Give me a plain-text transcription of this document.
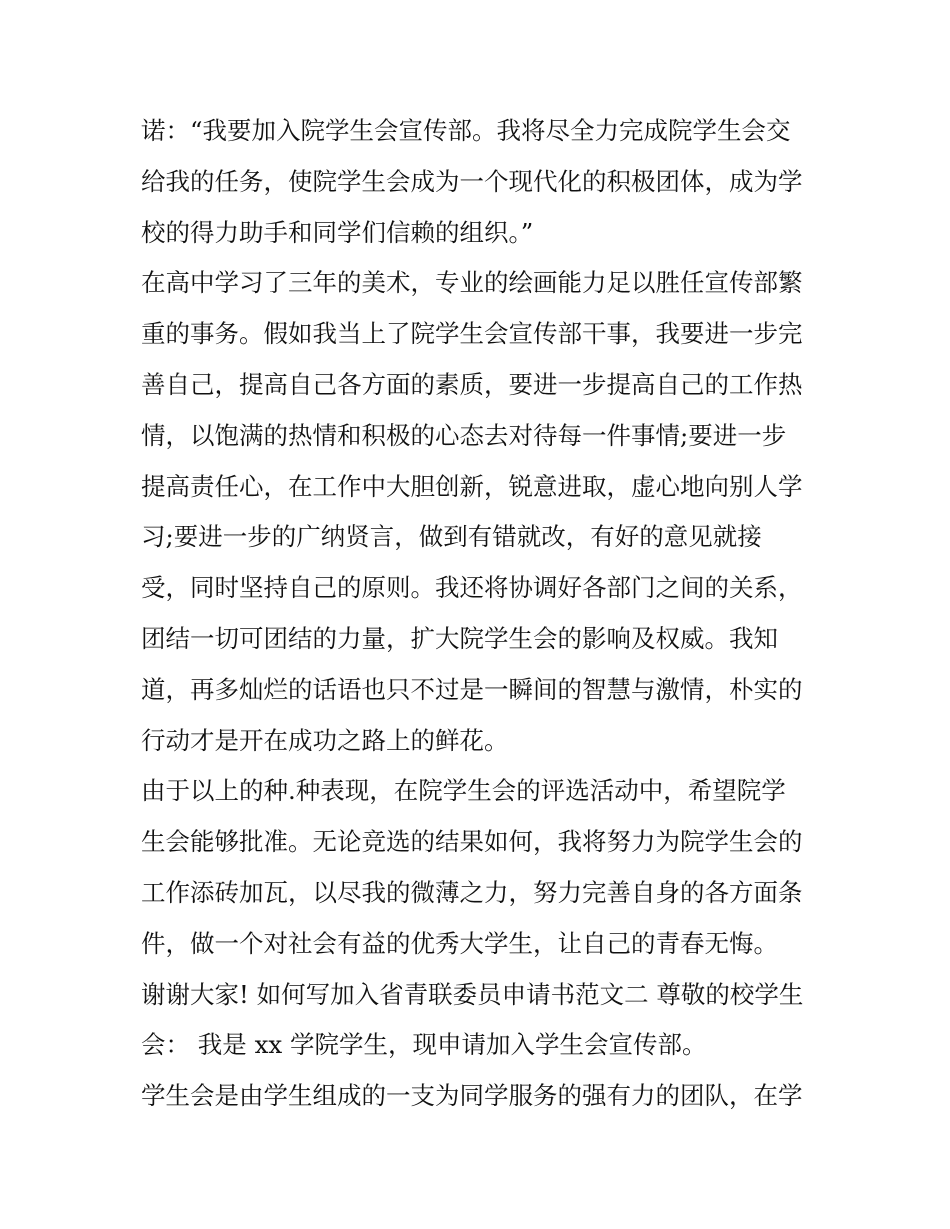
诺：“我要加入院学生会宣传部。我将尽全力完成院学生会交
给我的任务，使院学生会成为一个现代化的积极团体，成为学
校的得力助手和同学们信赖的组织。”
在高中学习了三年的美术，专业的绘画能力足以胜任宣传部繁
重的事务。假如我当上了院学生会宣传部干事，我要进一步完
善自己，提高自己各方面的素质，要进一步提高自己的工作热
情，以饱满的热情和积极的心态去对待每一件事情;要进一步
提高责任心，在工作中大胆创新，锐意进取，虚心地向别人学
习;要进一步的广纳贤言，做到有错就改，有好的意见就接
受，同时坚持自己的原则。我还将协调好各部门之间的关系，
团结一切可团结的力量，扩大院学生会的影响及权威。我知
道，再多灿烂的话语也只不过是一瞬间的智慧与激情，朴实的
行动才是开在成功之路上的鲜花。
由于以上的种.种表现，在院学生会的评选活动中，希望院学
生会能够批准。无论竞选的结果如何，我将努力为院学生会的
工作添砖加瓦，以尽我的微薄之力，努力完善自身的各方面条
件，做一个对社会有益的优秀大学生，让自己的青春无悔。
谢谢大家! 如何写加入省青联委员申请书范文二 尊敬的校学生
会： 我是 xx 学院学生，现申请加入学生会宣传部。
学生会是由学生组成的一支为同学服务的强有力的团队，在学
